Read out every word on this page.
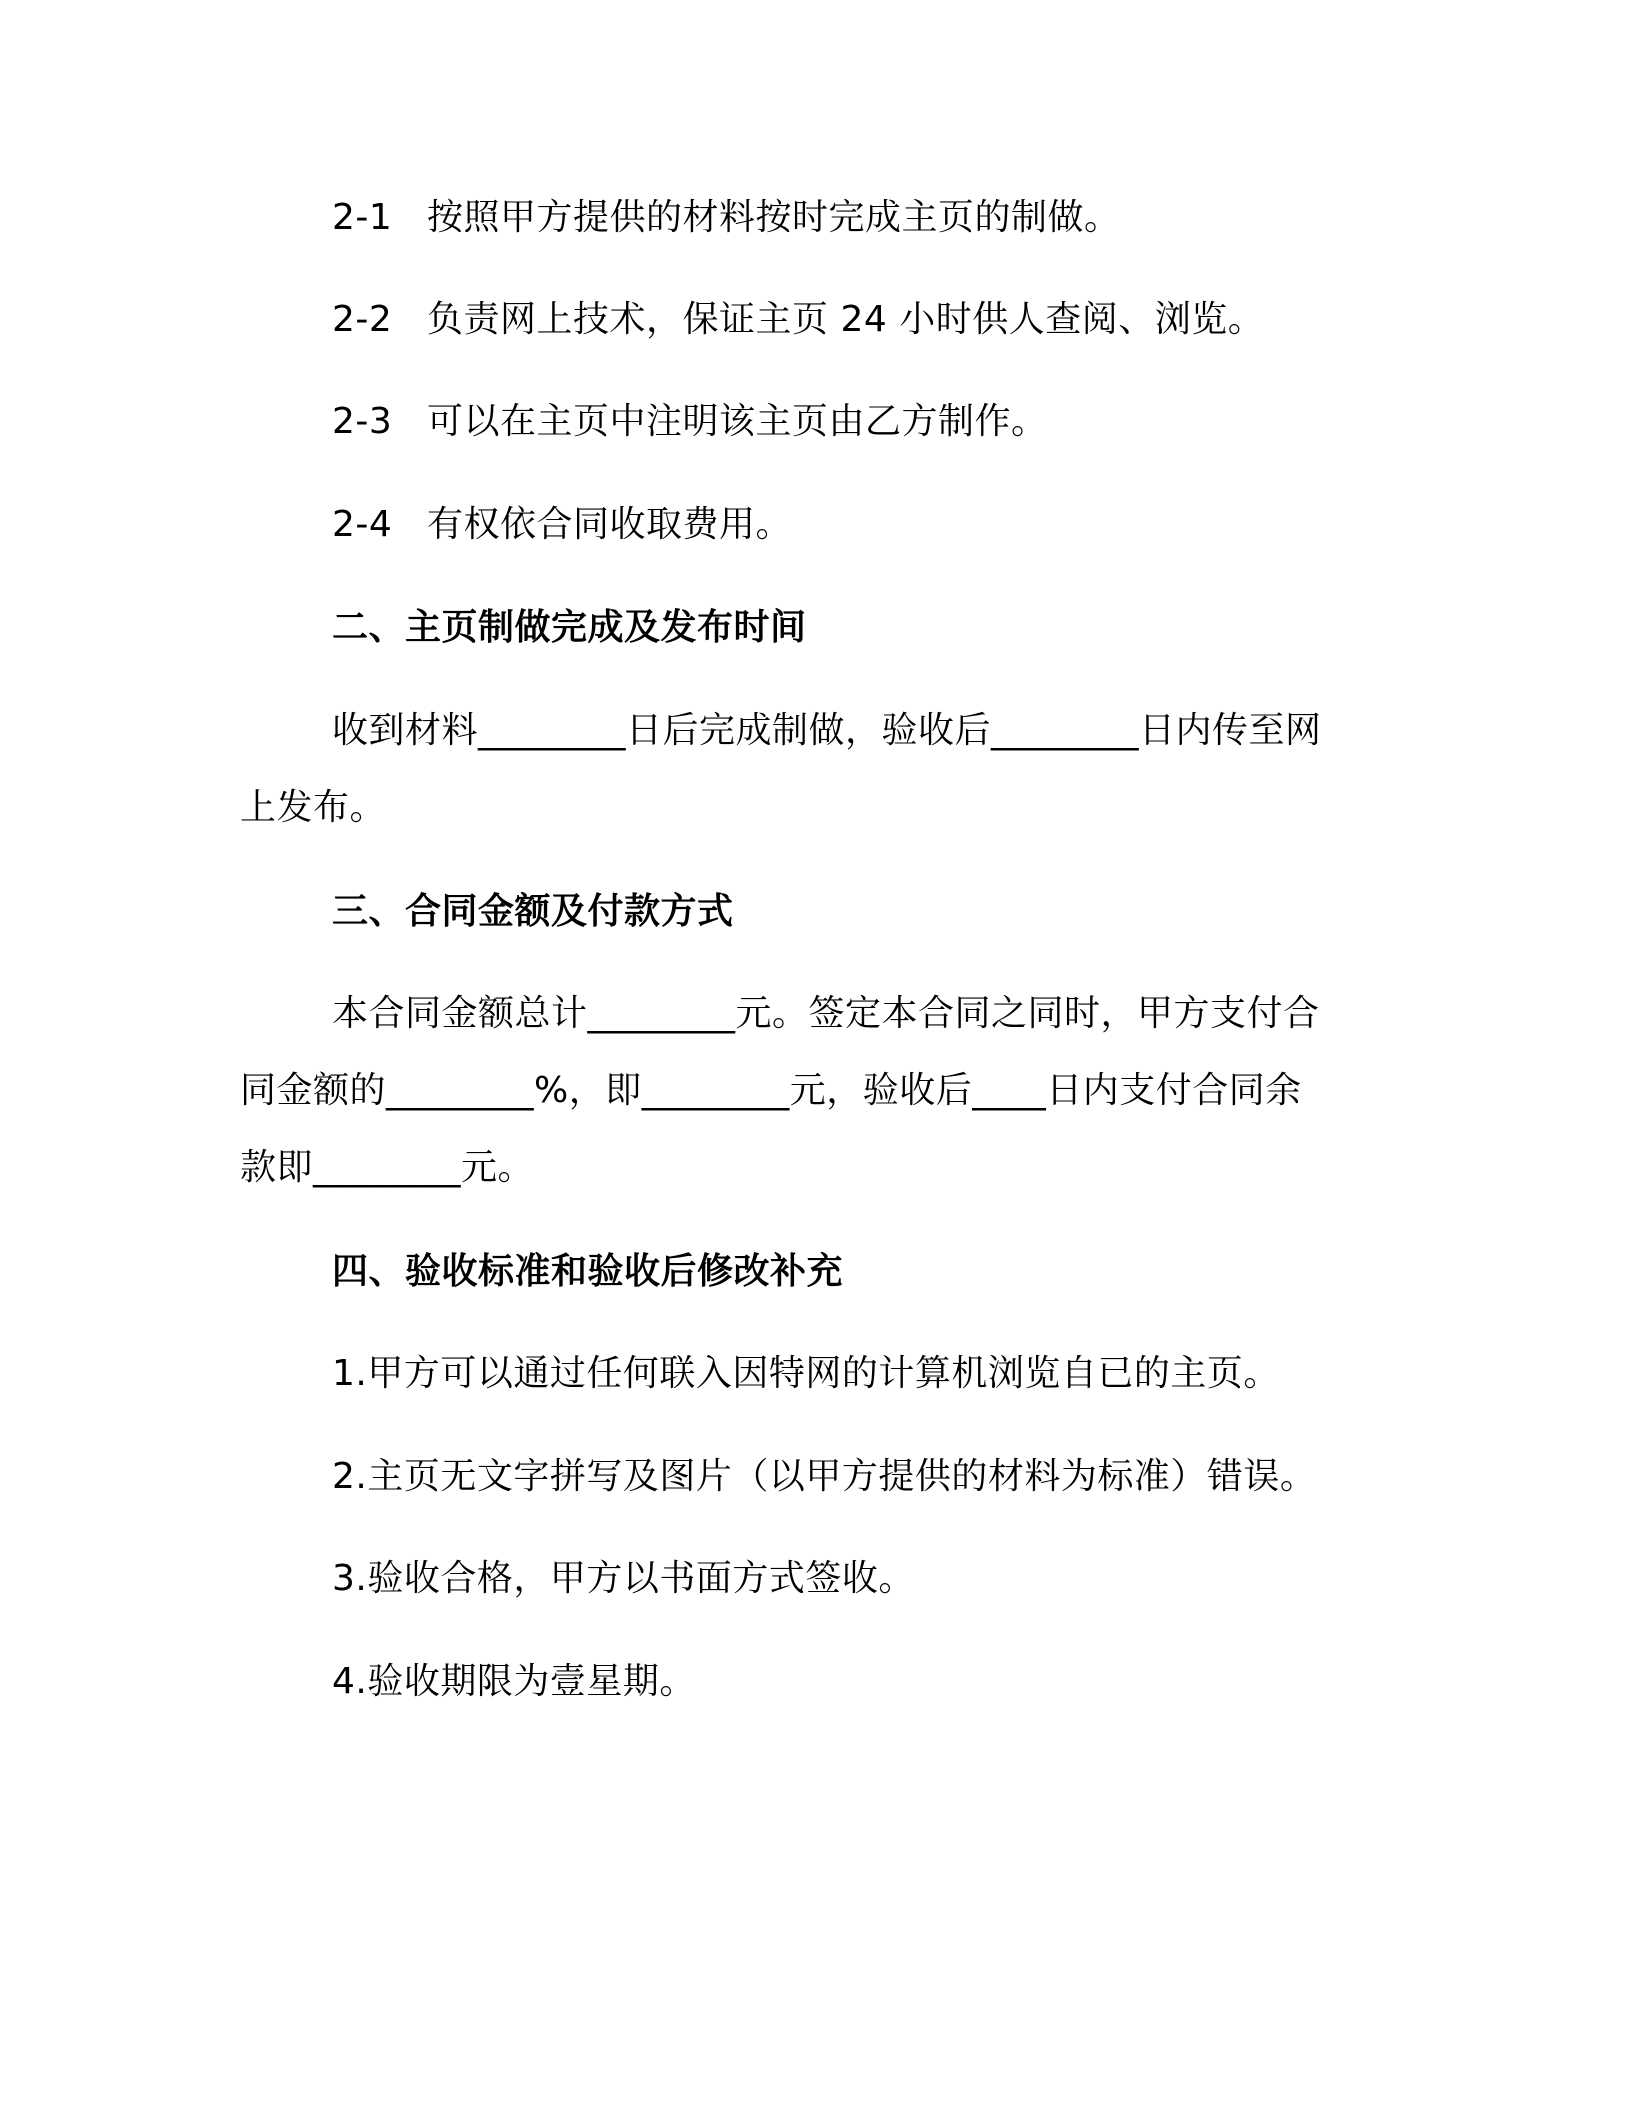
2-1 按照甲方提供的材料按时完成主页的制做。
2-2 负责网上技术，保证主页 24 小时供人查阅、浏览。
2-3 可以在主页中注明该主页由乙方制作。
2-4 有权依合同收取费用。
二、主页制做完成及发布时间
收到材料________日后完成制做，验收后________日内传至网
上发布。
三、合同金额及付款方式
本合同金额总计________元。签定本合同之同时，甲方支付合
同金额的________%，即________元，验收后____日内支付合同余
款即________元。
四、验收标准和验收后修改补充
1.甲方可以通过任何联入因特网的计算机浏览自已的主页。
2.主页无文字拼写及图片（以甲方提供的材料为标准）错误。
3.验收合格，甲方以书面方式签收。
4.验收期限为壹星期。
